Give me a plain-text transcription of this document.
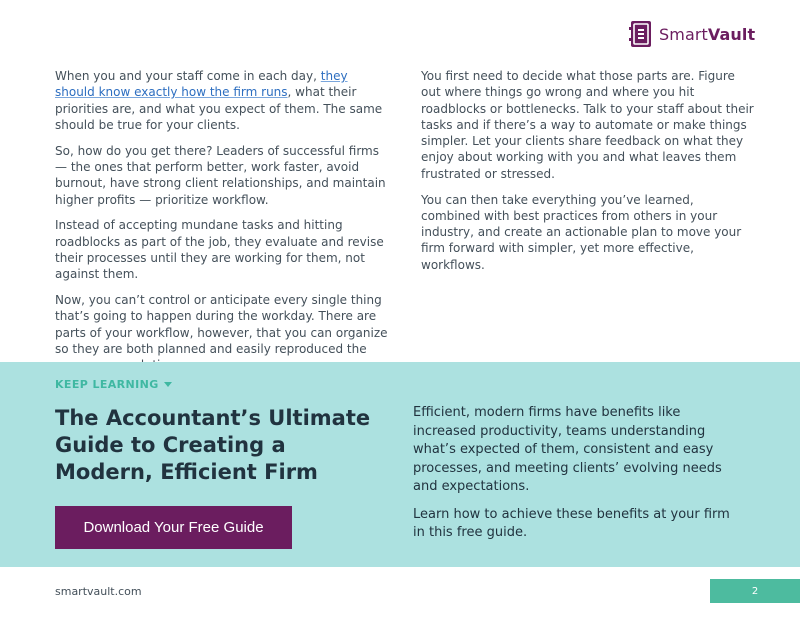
SmartVault

When you and your staff come in each day, they should know exactly how the firm runs, what their priorities are, and what you expect of them. The same should be true for your clients.

So, how do you get there? Leaders of successful firms — the ones that perform better, work faster, avoid burnout, have strong client relationships, and maintain higher profits — prioritize workflow.

Instead of accepting mundane tasks and hitting roadblocks as part of the job, they evaluate and revise their processes until they are working for them, not against them.

Now, you can’t control or anticipate every single thing that’s going to happen during the workday. There are parts of your workflow, however, that you can organize so they are both planned and easily reproduced the

You first need to decide what those parts are. Figure out where things go wrong and where you hit roadblocks or bottlenecks. Talk to your staff about their tasks and if there’s a way to automate or make things simpler. Let your clients share feedback on what they enjoy about working with you and what leaves them frustrated or stressed.

You can then take everything you’ve learned, combined with best practices from others in your industry, and create an actionable plan to move your firm forward with simpler, yet more effective, workflows.

KEEP LEARNING
The Accountant’s Ultimate Guide to Creating a Modern, Efficient Firm
Download Your Free Guide

Efficient, modern firms have benefits like increased productivity, teams understanding what’s expected of them, consistent and easy processes, and meeting clients’ evolving needs and expectations.

Learn how to achieve these benefits at your firm in this free guide.

smartvault.com	2
